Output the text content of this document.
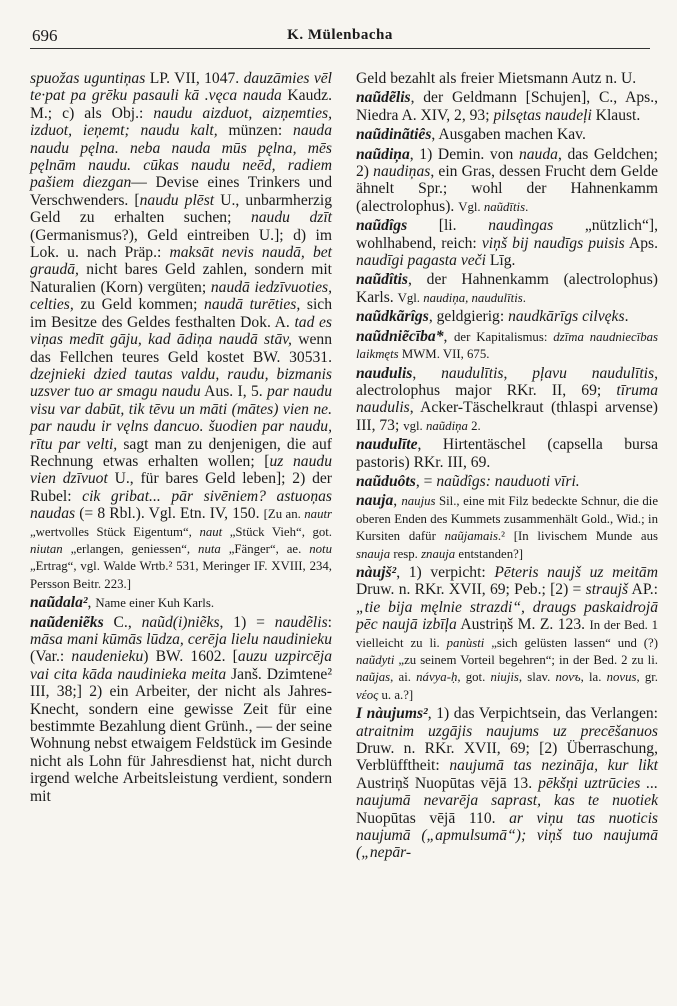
696	K. Mülenbacha

spuožas uguntiņas LP. VII, 1047. dauzāmies vēl te·pat pa grēku pasauli kā .vęca nauda Kaudz. M.; c) als Obj.: naudu aizduot, aizņemties, izduot, ieņemt; naudu kalt, münzen: nauda naudu pęlna. neba nauda mūs pęlna, mēs pęlnām naudu. cūkas naudu neēd, radiem pašiem diezgan— Devise eines Trinkers und Verschwenders. [naudu plēst U., unbarmherzig Geld zu erhalten suchen; naudu dzīt (Germanismus?), Geld eintreiben U.]; d) im Lok. u. nach Präp.: maksāt nevis naudā, bet graudā, nicht bares Geld zahlen, sondern mit Naturalien (Korn) vergüten; naudā iedzīvuoties, celties, zu Geld kommen; naudā turēties, sich im Besitze des Geldes festhalten Dok. A. tad es viņas medīt gāju, kad ādiņa naudā stāv, wenn das Fellchen teures Geld kostet BW. 30531. dzejnieki dzied tautas valdu, raudu, bizmanis uzsver tuo ar smagu naudu Aus. I, 5. par naudu visu var dabūt, tik tēvu un māti (mātes) vien ne. par naudu ir vęlns dancuo. šuodien par naudu, rītu par velti, sagt man zu denjenigen, die auf Rechnung etwas erhalten wollen; [uz naudu vien dzīvuot U., für bares Geld leben]; 2) der Rubel: cik gribat... pār sivēniem? astuoņas naudas (= 8 Rbl.). Vgl. Etn. IV, 150. [Zu an. nautr „wertvolles Stück Eigentum“, naut „Stück Vieh“, got. niutan „erlangen, geniessen“, nuta „Fänger“, ae. notu „Ertrag“, vgl. Walde Wrtb.² 531, Meringer IF. XVIII, 234, Persson Beitr. 223.]

naũdala², Name einer Kuh Karls.

naũdeniẽks C., naũd(i)niẽks, 1) = naudẽlis: māsa mani kūmās lūdza, cerēja lielu naudinieku (Var.: naudenieku) BW. 1602. [auzu uzpircēja vai cita kāda naudinieka meita Janš. Dzimtene² III, 38;] 2) ein Arbeiter, der nicht als Jahres-Knecht, sondern eine gewisse Zeit für eine bestimmte Bezahlung dient Grünh., — der seine Wohnung nebst etwaigem Feldstück im Gesinde nicht als Lohn für Jahresdienst hat, nicht durch irgend welche Arbeitsleistung verdient, sondern mit

Geld bezahlt als freier Mietsmann Autz n. U.

naũdẽlis, der Geldmann [Schujen], C., Aps., Niedra A. XIV, 2, 93; pilsętas naudeļi Klaust.

naũdinãtiês, Ausgaben machen Kav.

naũdiņa, 1) Demin. von nauda, das Geldchen; 2) naudiņas, ein Gras, dessen Frucht dem Gelde ähnelt Spr.; wohl der Hahnenkamm (alectrolophus). Vgl. naũdītis.

naũdîgs [li. naudìngas „nützlich“], wohlhabend, reich: viņš bij naudīgs puisis Aps. naudīgi pagasta veči Līg.

naũdîtis, der Hahnenkamm (alectrolophus) Karls. Vgl. naudiņa, naudulītis.

naũdkãrîgs, geldgierig: naudkārīgs cilvęks.

naũdniẽcība*, der Kapitalismus: dzīma naudniecības laikmęts MWM. VII, 675.

naudulis, naudulītis, pļavu naudulītis, alectrolophus major RKr. II, 69; tīruma naudulis, Acker-Täschelkraut (thlaspi arvense) III, 73; vgl. naũdiņa 2.

naudulīte, Hirtentäschel (capsella bursa pastoris) RKr. III, 69.

naũduôts, = naũdîgs: nauduoti vīri.

nauja, naujus Sil., eine mit Filz bedeckte Schnur, die die oberen Enden des Kummets zusammenhält Gold., Wid.; in Kursiten dafür naũjamais.² [In livischem Munde aus snauja resp. znauja entstanden?]

nàujš², 1) verpicht: Pēteris naujš uz meitām Druw. n. RKr. XVII, 69; Peb.; [2) = straujš AP.: „tie bija męlnie strazdi“, draugs paskaidrojā pēc naujā izbīļa Austriņš M. Z. 123. In der Bed. 1 vielleicht zu li. panùsti „sich gelüsten lassen“ und (?) naũdyti „zu seinem Vorteil begehren“; in der Bed. 2 zu li. naũjas, ai. návya-ḥ, got. niujis, slav. novъ, la. novus, gr. νέος u. a.?]

I nàujums², 1) das Verpichtsein, das Verlangen: atraitnim uzgājis naujums uz precēšanuos Druw. n. RKr. XVII, 69; [2) Überraschung, Verblüfftheit: naujumā tas nezināja, kur likt Austriņš Nuopūtas vējā 13. pēkšņi uztrūcies ... naujumā nevarēja saprast, kas te nuotiek Nuopūtas vējā 110. ar viņu tas nuoticis naujumā („apmulsumā“); viņš tuo naujumā („nepār-
